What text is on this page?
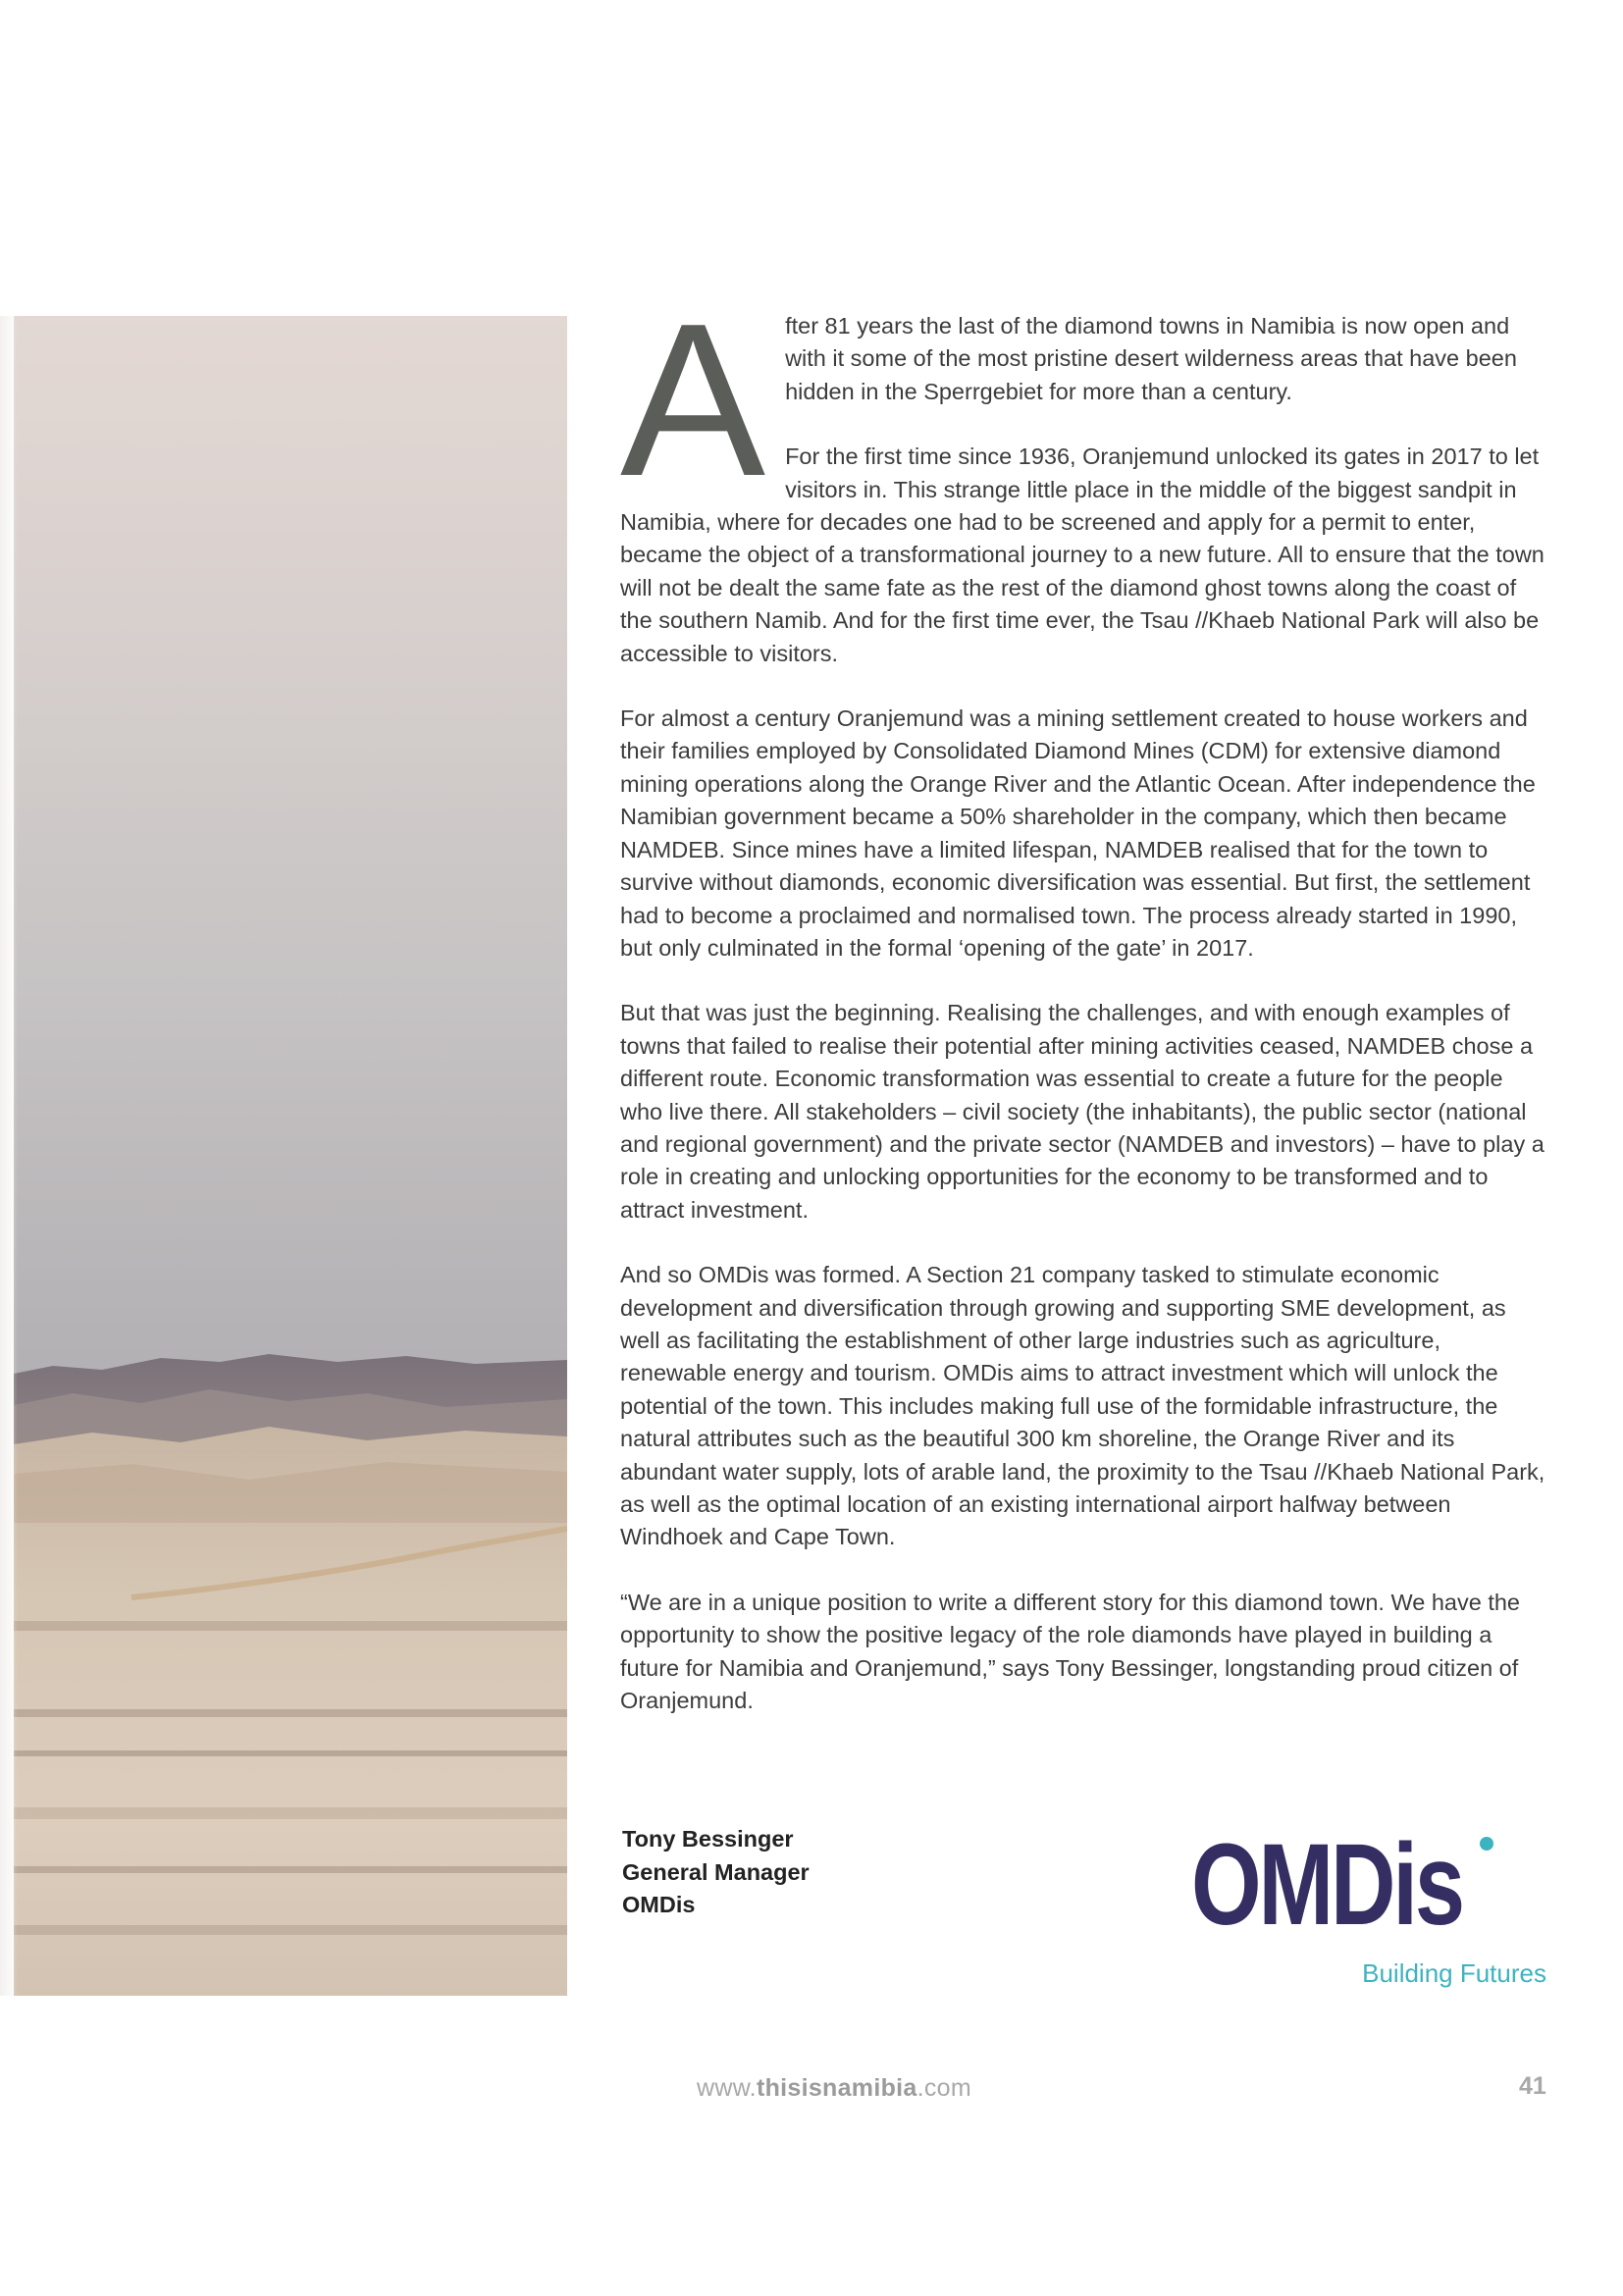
A fter 81 years the last of the diamond towns in Namibia is now open and with it some of the most pristine desert wilderness areas that have been hidden in the Sperrgebiet for more than a century.

For the first time since 1936, Oranjemund unlocked its gates in 2017 to let visitors in. This strange little place in the middle of the biggest sandpit in Namibia, where for decades one had to be screened and apply for a permit to enter, became the object of a transformational journey to a new future. All to ensure that the town will not be dealt the same fate as the rest of the diamond ghost towns along the coast of the southern Namib. And for the first time ever, the Tsau //Khaeb National Park will also be accessible to visitors.

For almost a century Oranjemund was a mining settlement created to house workers and their families employed by Consolidated Diamond Mines (CDM) for extensive diamond mining operations along the Orange River and the Atlantic Ocean. After independence the Namibian government became a 50% shareholder in the company, which then became NAMDEB. Since mines have a limited lifespan, NAMDEB realised that for the town to survive without diamonds, economic diversification was essential. But first, the settlement had to become a proclaimed and normalised town. The process already started in 1990, but only culminated in the formal ‘opening of the gate’ in 2017.

But that was just the beginning. Realising the challenges, and with enough examples of towns that failed to realise their potential after mining activities ceased, NAMDEB chose a different route. Economic transformation was essential to create a future for the people who live there. All stakeholders – civil society (the inhabitants), the public sector (national and regional government) and the private sector (NAMDEB and investors) – have to play a role in creating and unlocking opportunities for the economy to be transformed and to attract investment.

And so OMDis was formed. A Section 21 company tasked to stimulate economic development and diversification through growing and supporting SME development, as well as facilitating the establishment of other large industries such as agriculture, renewable energy and tourism. OMDis aims to attract investment which will unlock the potential of the town. This includes making full use of the formidable infrastructure, the natural attributes such as the beautiful 300 km shoreline, the Orange River and its abundant water supply, lots of arable land, the proximity to the Tsau //Khaeb National Park, as well as the optimal location of an existing international airport halfway between Windhoek and Cape Town.

“We are in a unique position to write a different story for this diamond town. We have the opportunity to show the positive legacy of the role diamonds have played in building a future for Namibia and Oranjemund,” says Tony Bessinger, longstanding proud citizen of Oranjemund.

Tony Bessinger
General Manager
OMDis	OMDis
Building Futures
www.thisisnamibia.com	41
